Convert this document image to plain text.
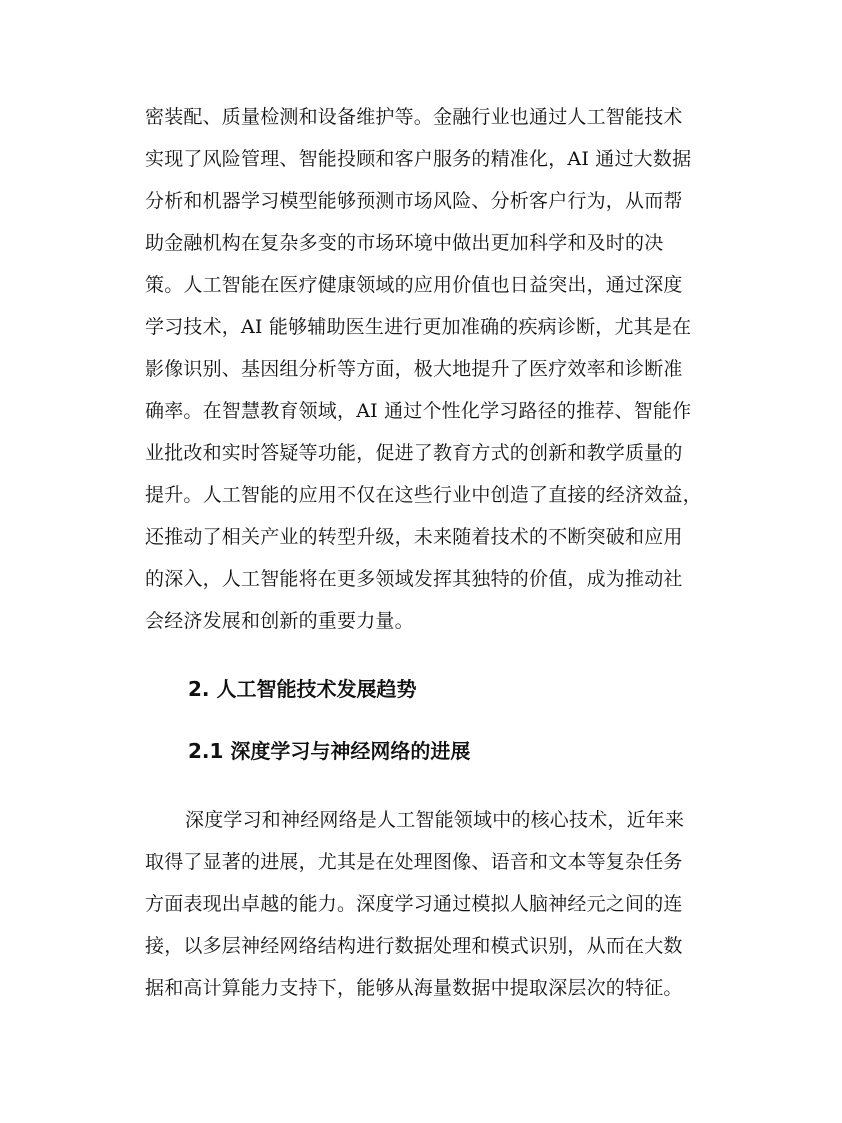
密装配、质量检测和设备维护等。金融行业也通过人工智能技术
实现了风险管理、智能投顾和客户服务的精准化，AI 通过大数据
分析和机器学习模型能够预测市场风险、分析客户行为，从而帮
助金融机构在复杂多变的市场环境中做出更加科学和及时的决
策。人工智能在医疗健康领域的应用价值也日益突出，通过深度
学习技术，AI 能够辅助医生进行更加准确的疾病诊断，尤其是在
影像识别、基因组分析等方面，极大地提升了医疗效率和诊断准
确率。在智慧教育领域，AI 通过个性化学习路径的推荐、智能作
业批改和实时答疑等功能，促进了教育方式的创新和教学质量的
提升。人工智能的应用不仅在这些行业中创造了直接的经济效益，
还推动了相关产业的转型升级，未来随着技术的不断突破和应用
的深入，人工智能将在更多领域发挥其独特的价值，成为推动社
会经济发展和创新的重要力量。
2. 人工智能技术发展趋势
2.1 深度学习与神经网络的进展
深度学习和神经网络是人工智能领域中的核心技术，近年来
取得了显著的进展，尤其是在处理图像、语音和文本等复杂任务
方面表现出卓越的能力。深度学习通过模拟人脑神经元之间的连
接，以多层神经网络结构进行数据处理和模式识别，从而在大数
据和高计算能力支持下，能够从海量数据中提取深层次的特征。
